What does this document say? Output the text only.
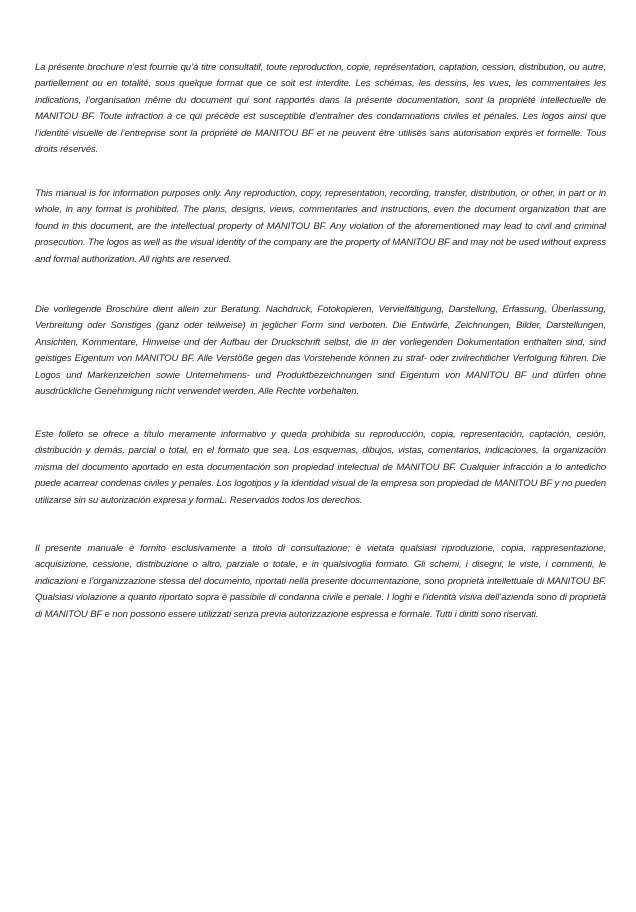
La présente brochure n’est fournie qu’à titre consultatif, toute reproduction, copie, représentation, captation, cession, distribution, ou autre, partiellement ou en totalité, sous quelque format que ce soit est interdite. Les schémas, les dessins, les vues, les commentaires les indications, l’organisation même du document qui sont rapportés dans la présente documentation, sont la propriété intellectuelle de MANITOU BF. Toute infraction à ce qui précède est susceptible d’entraîner des condamnations civiles et pénales. Les logos ainsi que l’identité visuelle de l’entreprise sont la propriété de MANITOU BF et ne peuvent être utilisés sans autorisation exprès et formelle. Tous droits réservés.

This manual is for information purposes only. Any reproduction, copy, representation, recording, transfer, distribution, or other, in part or in whole, in any format is prohibited. The plans, designs, views, commentaries and instructions, even the document organization that are found in this document, are the intellectual property of MANITOU BF. Any violation of the aforementioned may lead to civil and criminal prosecution. The logos as well as the visual identity of the company are the property of MANITOU BF and may not be used without express and formal authorization. All rights are reserved.

Die vorliegende Broschüre dient allein zur Beratung. Nachdruck, Fotokopieren, Vervielfältigung, Darstellung, Erfassung, Überlassung, Verbreitung oder Sonstiges (ganz oder teilweise) in jeglicher Form sind verboten. Die Entwürfe, Zeichnungen, Bilder, Darstellungen, Ansichten, Kommentare, Hinweise und der Aufbau der Druckschrift selbst, die in der vorliegenden Dokumentation enthalten sind, sind geistiges Eigentum von MANITOU BF. Alle Verstöße gegen das Vorstehende können zu straf- oder zivilrechtlicher Verfolgung führen. Die Logos und Markenzeichen sowie Unternehmens- und Produktbezeichnungen sind Eigentum von MANITOU BF und dürfen ohne ausdrückliche Genehmigung nicht verwendet werden. Alle Rechte vorbehalten.

Este folleto se ofrece a título meramente informativo y queda prohibida su reproducción, copia, representación, captación, cesión, distribución y demás, parcial o total, en el formato que sea. Los esquemas, dibujos, vistas, comentarios, indicaciones, la organización misma del documento aportado en esta documentación son propiedad intelectual de MANITOU BF. Cualquier infracción a lo antedicho puede acarrear condenas civiles y penales. Los logotipos y la identidad visual de la empresa son propiedad de MANITOU BF y no pueden utilizarse sin su autorización expresa y formaL. Reservados todos los derechos.

Il presente manuale è fornito esclusivamente a titolo di consultazione; è vietata qualsiasi riproduzione, copia, rappresentazione, acquisizione, cessione, distribuzione o altro, parziale o totale, e in qualsivoglia formato. Gli schemi, i disegni, le viste, i commenti, le indicazioni e l’organizzazione stessa del documento, riportati nella presente documentazione, sono proprietà intellettuale di MANITOU BF. Qualsiasi violazione a quanto riportato sopra è passibile di condanna civile e penale. I loghi e l’identità visiva dell’azienda sono di proprietà di MANITOU BF e non possono essere utilizzati senza previa autorizzazione espressa e formale. Tutti i diritti sono riservati.
